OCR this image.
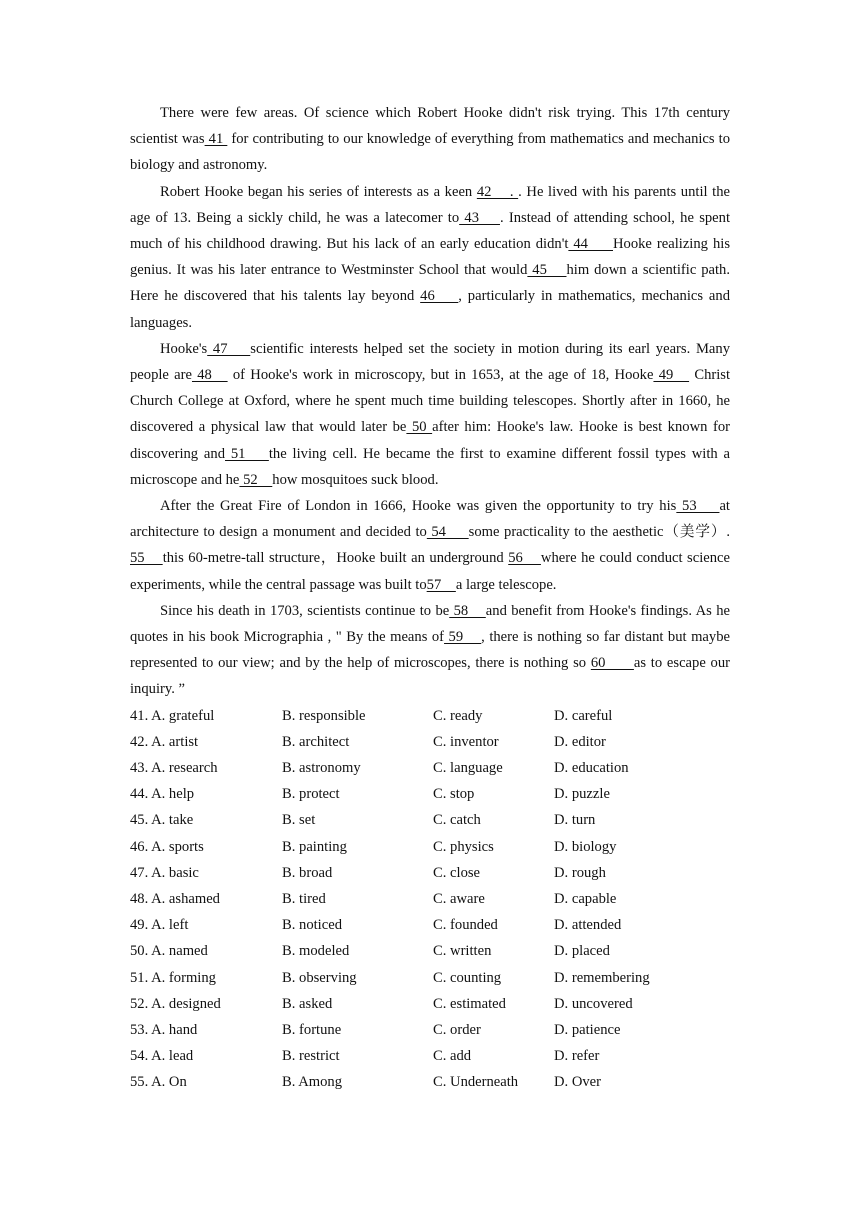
There were few areas. Of science which Robert Hooke didn't risk trying. This 17th century scientist was 41  for contributing to our knowledge of everything from mathematics and mechanics to biology and astronomy.

Robert Hooke began his series of interests as a keen 42    . . He lived with his parents until the age of 13. Being a sickly child, he was a latecomer to 43    . Instead of attending school, he spent much of his childhood drawing. But his lack of an early education didn't 44     Hooke realizing his genius. It was his later entrance to Westminster School that would 45    him down a scientific path. Here he discovered that his talents lay beyond 46    , particularly in mathematics, mechanics and languages.

Hooke's 47    scientific interests helped set the society in motion during its earl years. Many people are 48    of Hooke's work in microscopy, but in 1653, at the age of 18, Hooke 49    Christ Church College at Oxford, where he spent much time building telescopes. Shortly after in 1660, he discovered a physical law that would later be 50 after him: Hooke's law. Hooke is best known for discovering and 51    the living cell. He became the first to examine different fossil types with a microscope and he 52    how mosquitoes suck blood.

After the Great Fire of London in 1666, Hooke was given the opportunity to try his 53    at architecture to design a monument and decided to 54     some practicality to the aesthetic（美学）. 55    this 60-metre-tall structure，Hooke built an underground 56    where he could conduct science experiments, while the central passage was built to57    a large telescope.

Since his death in 1703, scientists continue to be 58    and benefit from Hooke's findings. As he quotes in his book Micrographia , " By the means of 59    , there is nothing so far distant but maybe represented to our view; and by the help of microscopes, there is nothing so 60      as to escape our inquiry. ”

41. A. grateful	B. responsible	C. ready	D. careful
42. A. artist	B. architect	C. inventor	D. editor
43. A. research	B. astronomy	C. language	D. education
44. A. help	B. protect	C. stop	D. puzzle
45. A. take	B. set	C. catch	D. turn
46. A. sports	B. painting	C. physics	D. biology
47. A. basic	B. broad	C. close	D. rough
48. A. ashamed	B. tired	C. aware	D. capable
49. A. left	B. noticed	C. founded	D. attended
50. A. named	B. modeled	C. written	D. placed
51. A. forming	B. observing	C. counting	D. remembering
52. A. designed	B. asked	C. estimated	D. uncovered
53. A. hand	B. fortune	C. order	D. patience
54. A. lead	B. restrict	C. add	D. refer
55. A. On	B. Among	C. Underneath D. Over
